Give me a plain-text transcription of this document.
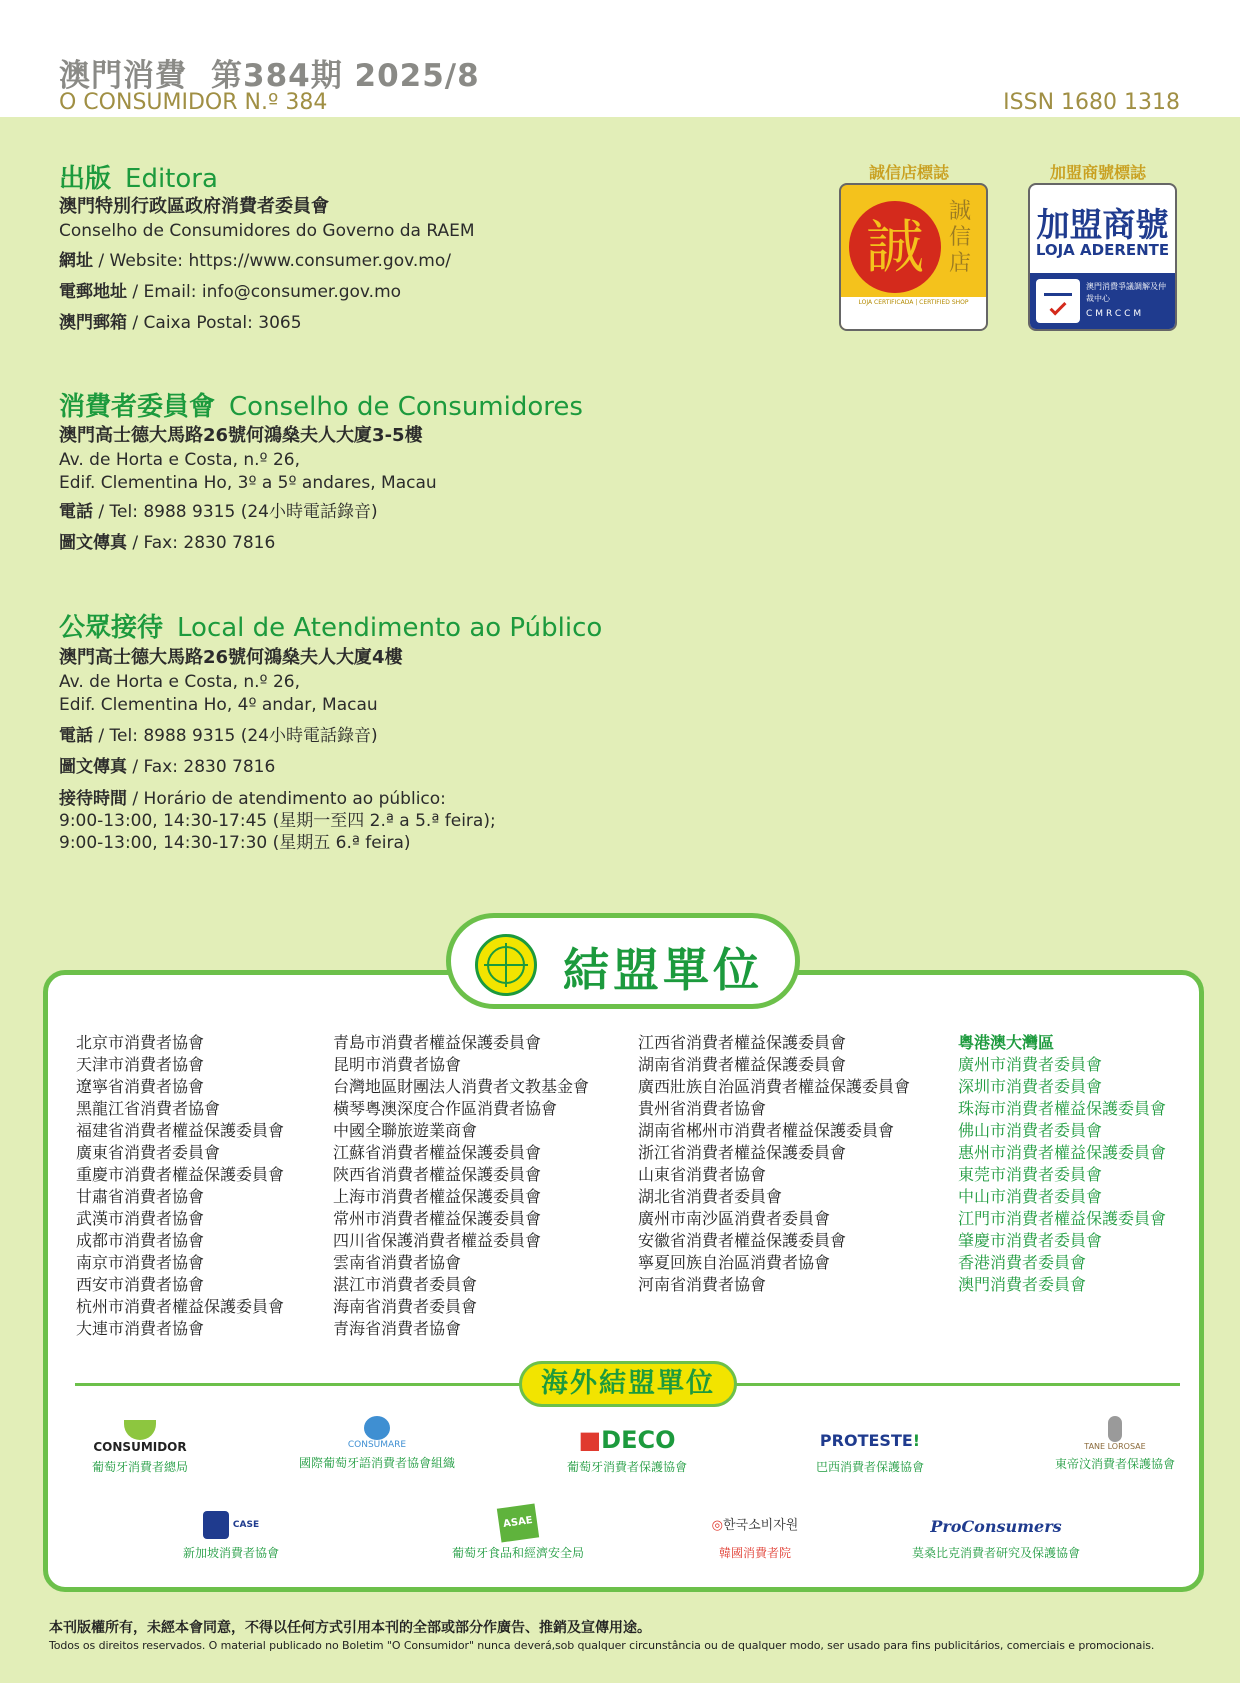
澳門消費 第384期 2025/8
O CONSUMIDOR N.º 384	ISSN 1680 1318
出版 Editora
澳門特別行政區政府消費者委員會
Conselho de Consumidores do Governo da RAEM
網址 / Website: https://www.consumer.gov.mo/
電郵地址 / Email: info@consumer.gov.mo
澳門郵箱 / Caixa Postal: 3065
誠信店標誌
誠
誠信店
LOJA CERTIFICADA | CERTIFIED SHOP
加盟商號標誌
加盟商號
LOJA ADERENTE
澳門消費爭議調解及仲裁中心
CMRCCM
消費者委員會 Conselho de Consumidores
澳門高士德大馬路26號何鴻燊夫人大廈3-5樓
Av. de Horta e Costa, n.º 26,
Edif. Clementina Ho, 3º a 5º andares, Macau
電話 / Tel: 8988 9315 (24小時電話錄音)
圖文傳真 / Fax: 2830 7816
公眾接待 Local de Atendimento ao Público
澳門高士德大馬路26號何鴻燊夫人大廈4樓
Av. de Horta e Costa, n.º 26,
Edif. Clementina Ho, 4º andar, Macau
電話 / Tel: 8988 9315 (24小時電話錄音)
圖文傳真 / Fax: 2830 7816
接待時間 / Horário de atendimento ao público:
9:00-13:00, 14:30-17:45 (星期一至四 2.ª a 5.ª feira);
9:00-13:00, 14:30-17:30 (星期五 6.ª feira)
結盟單位
北京市消費者協會
天津市消費者協會
遼寧省消費者協會
黑龍江省消費者協會
福建省消費者權益保護委員會
廣東省消費者委員會
重慶市消費者權益保護委員會
甘肅省消費者協會
武漢市消費者協會
成都市消費者協會
南京市消費者協會
西安市消費者協會
杭州市消費者權益保護委員會
大連市消費者協會
青島市消費者權益保護委員會
昆明市消費者協會
台灣地區財團法人消費者文教基金會
橫琴粵澳深度合作區消費者協會
中國全聯旅遊業商會
江蘇省消費者權益保護委員會
陝西省消費者權益保護委員會
上海市消費者權益保護委員會
常州市消費者權益保護委員會
四川省保護消費者權益委員會
雲南省消費者協會
湛江市消費者委員會
海南省消費者委員會
青海省消費者協會
江西省消費者權益保護委員會
湖南省消費者權益保護委員會
廣西壯族自治區消費者權益保護委員會
貴州省消費者協會
湖南省郴州市消費者權益保護委員會
浙江省消費者權益保護委員會
山東省消費者協會
湖北省消費者委員會
廣州市南沙區消費者委員會
安徽省消費者權益保護委員會
寧夏回族自治區消費者協會
河南省消費者協會
粵港澳大灣區
廣州市消費者委員會
深圳市消費者委員會
珠海市消費者權益保護委員會
佛山市消費者委員會
惠州市消費者權益保護委員會
東莞市消費者委員會
中山市消費者委員會
江門市消費者權益保護委員會
肇慶市消費者委員會
香港消費者委員會
澳門消費者委員會
海外結盟單位
CONSUMIDOR
葡萄牙消費者總局
CONSUMARE
國際葡萄牙語消費者協會組織
■DECO
葡萄牙消費者保護協會
PROTESTE!
巴西消費者保護協會
TANE LOROSAE
東帝汶消費者保護協會
CASE
新加坡消費者協會
ASAE
葡萄牙食品和經濟安全局
◎한국소비자원
韓國消費者院
ProConsumers
莫桑比克消費者研究及保護協會
本刊版權所有，未經本會同意，不得以任何方式引用本刊的全部或部分作廣告、推銷及宣傳用途。
Todos os direitos reservados. O material publicado no Boletim "O Consumidor" nunca deverá,sob qualquer circunstância ou de qualquer modo, ser usado para fins publicitários, comerciais e promocionais.
